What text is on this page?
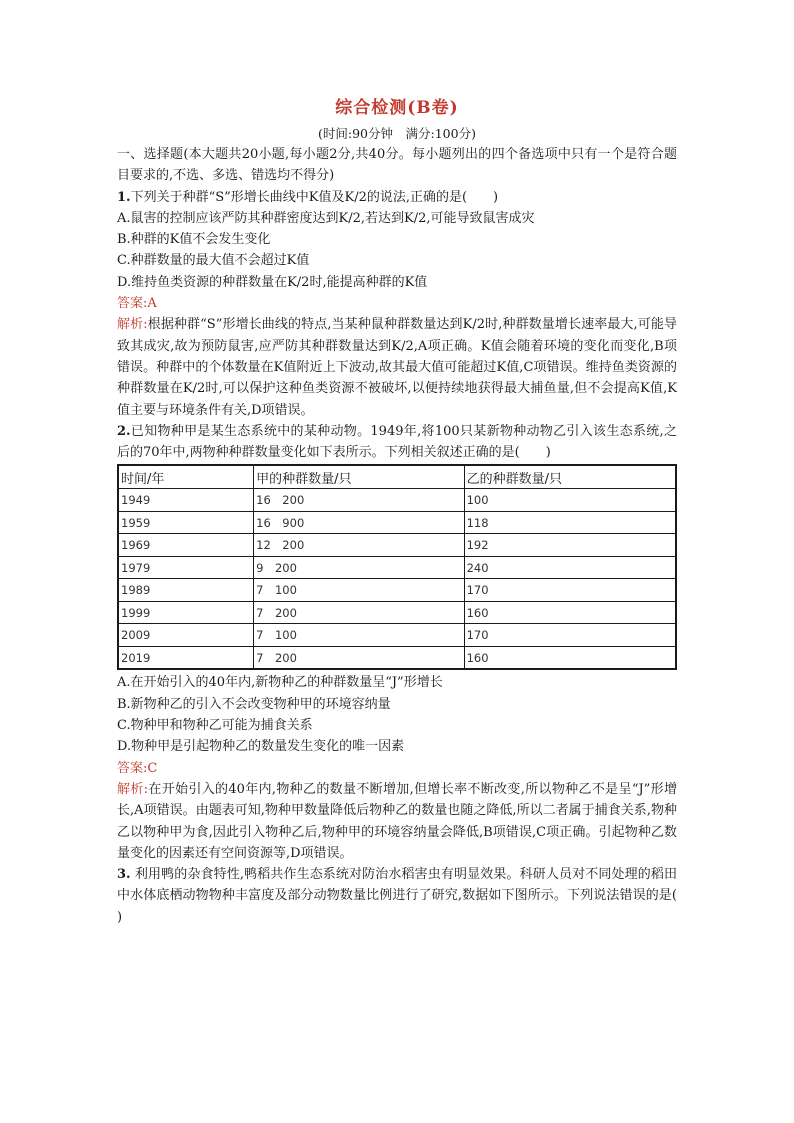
综合检测(B卷)

(时间:90分钟　满分:100分)

一、选择题(本大题共20小题,每小题2分,共40分。每小题列出的四个备选项中只有一个是符合题目要求的,不选、多选、错选均不得分)

1.下列关于种群“S”形增长曲线中K值及K/2的说法,正确的是(　　)

A.鼠害的控制应该严防其种群密度达到K/2,若达到K/2,可能导致鼠害成灾

B.种群的K值不会发生变化

C.种群数量的最大值不会超过K值

D.维持鱼类资源的种群数量在K/2时,能提高种群的K值

答案:A

解析:根据种群“S”形增长曲线的特点,当某种鼠种群数量达到K/2时,种群数量增长速率最大,可能导致其成灾,故为预防鼠害,应严防其种群数量达到K/2,A项正确。K值会随着环境的变化而变化,B项错误。种群中的个体数量在K值附近上下波动,故其最大值可能超过K值,C项错误。维持鱼类资源的种群数量在K/2时,可以保护这种鱼类资源不被破坏,以便持续地获得最大捕鱼量,但不会提高K值,K值主要与环境条件有关,D项错误。

2.已知物种甲是某生态系统中的某种动物。1949年,将100只某新物种动物乙引入该生态系统,之后的70年中,两物种种群数量变化如下表所示。下列相关叙述正确的是(　　)

时间/年	甲的种群数量/只	乙的种群数量/只
1949	16　200	100
1959	16　900	118
1969	12　200	192
1979	9　200	240
1989	7　100	170
1999	7　200	160
2009	7　100	170
2019	7　200	160

A.在开始引入的40年内,新物种乙的种群数量呈“J”形增长

B.新物种乙的引入不会改变物种甲的环境容纳量

C.物种甲和物种乙可能为捕食关系

D.物种甲是引起物种乙的数量发生变化的唯一因素

答案:C

解析:在开始引入的40年内,物种乙的数量不断增加,但增长率不断改变,所以物种乙不是呈“J”形增长,A项错误。由题表可知,物种甲数量降低后物种乙的数量也随之降低,所以二者属于捕食关系,物种乙以物种甲为食,因此引入物种乙后,物种甲的环境容纳量会降低,B项错误,C项正确。引起物种乙数量变化的因素还有空间资源等,D项错误。

3. 利用鸭的杂食特性,鸭稻共作生态系统对防治水稻害虫有明显效果。科研人员对不同处理的稻田中水体底栖动物物种丰富度及部分动物数量比例进行了研究,数据如下图所示。下列说法错误的是(　　)
